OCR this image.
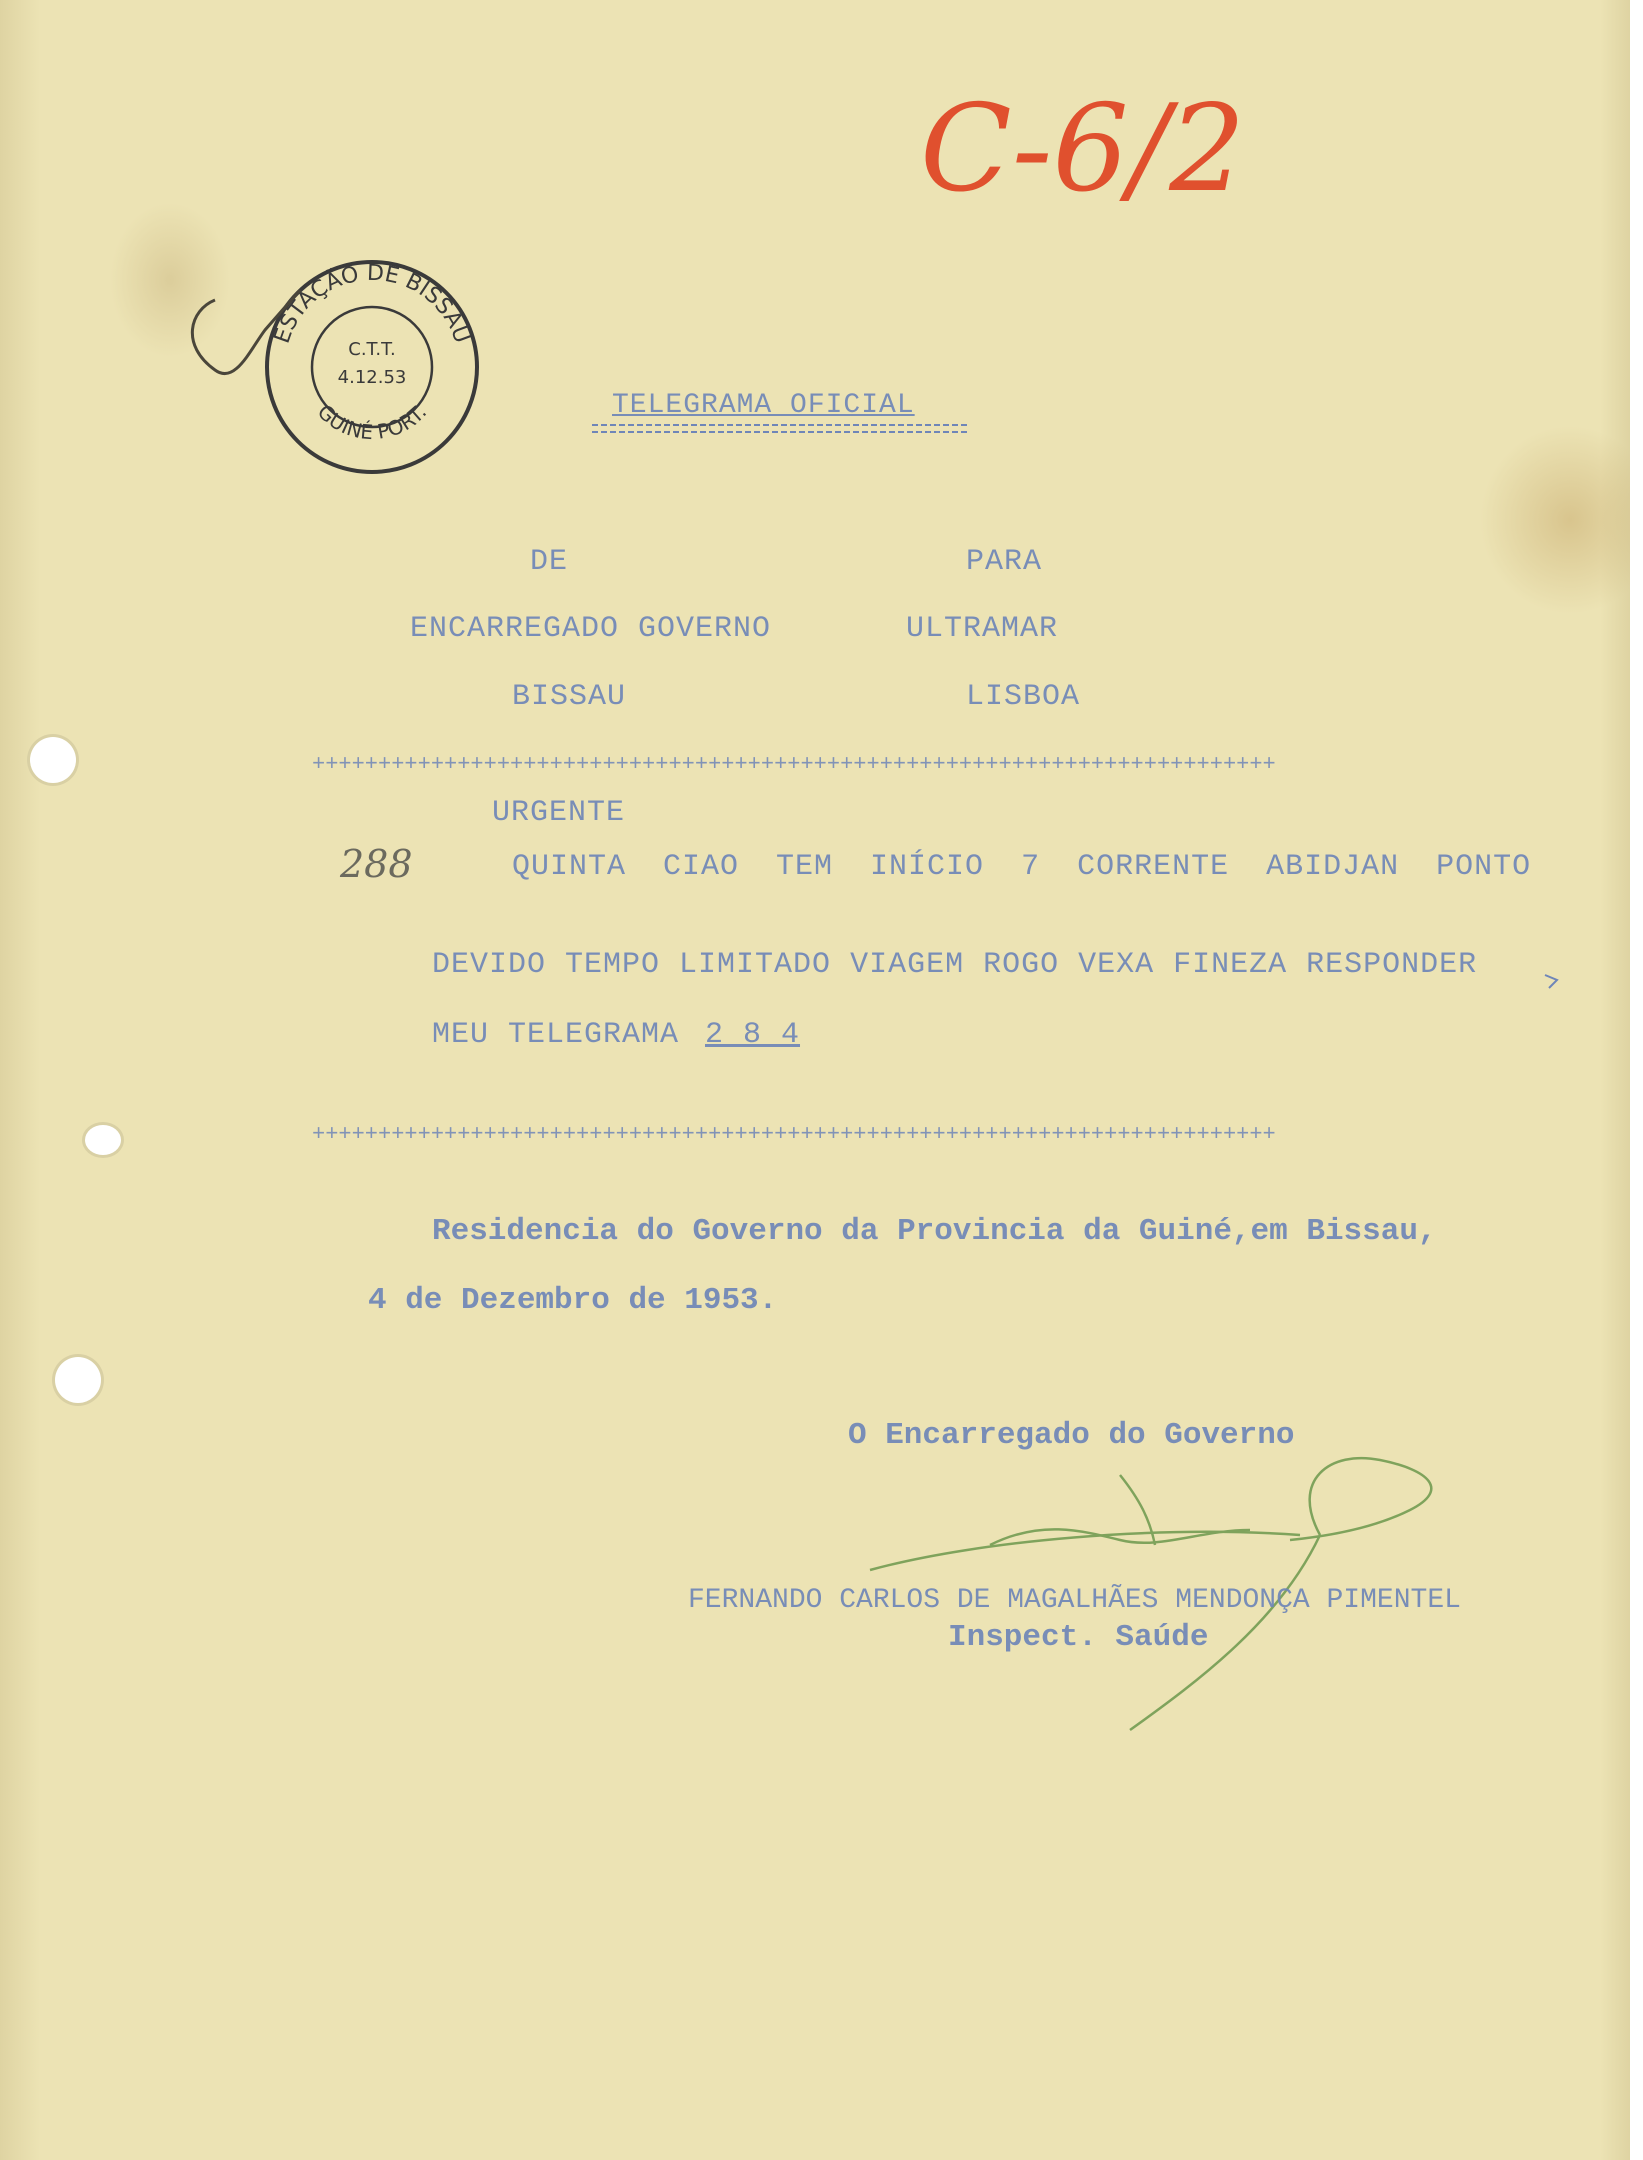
C-6/2
ESTAÇÃO DE BISSAU
GUINÉ PORT.
C.T.T.
4.12.53
TELEGRAMA OFICIAL
DE	PARA
ENCARREGADO GOVERNO	ULTRAMAR
BISSAU	LISBOA
+++++++++++++++++++++++++++++++++++++++++++++++++++++++++++++++++++++++++
URGENTE
288	QUINTA CIAO TEM INÍCIO 7 CORRENTE ABIDJAN PONTO
DEVIDO TEMPO LIMITADO VIAGEM ROGO VEXA FINEZA RESPONDER
MEU TELEGRAMA 2 8 4
+++++++++++++++++++++++++++++++++++++++++++++++++++++++++++++++++++++++++
Residencia do Governo da Provincia da Guiné,em Bissau,
4 de Dezembro de 1953.
O Encarregado do Governo
FERNANDO CARLOS DE MAGALHÃES MENDONÇA PIMENTEL
Inspect. Saúde
